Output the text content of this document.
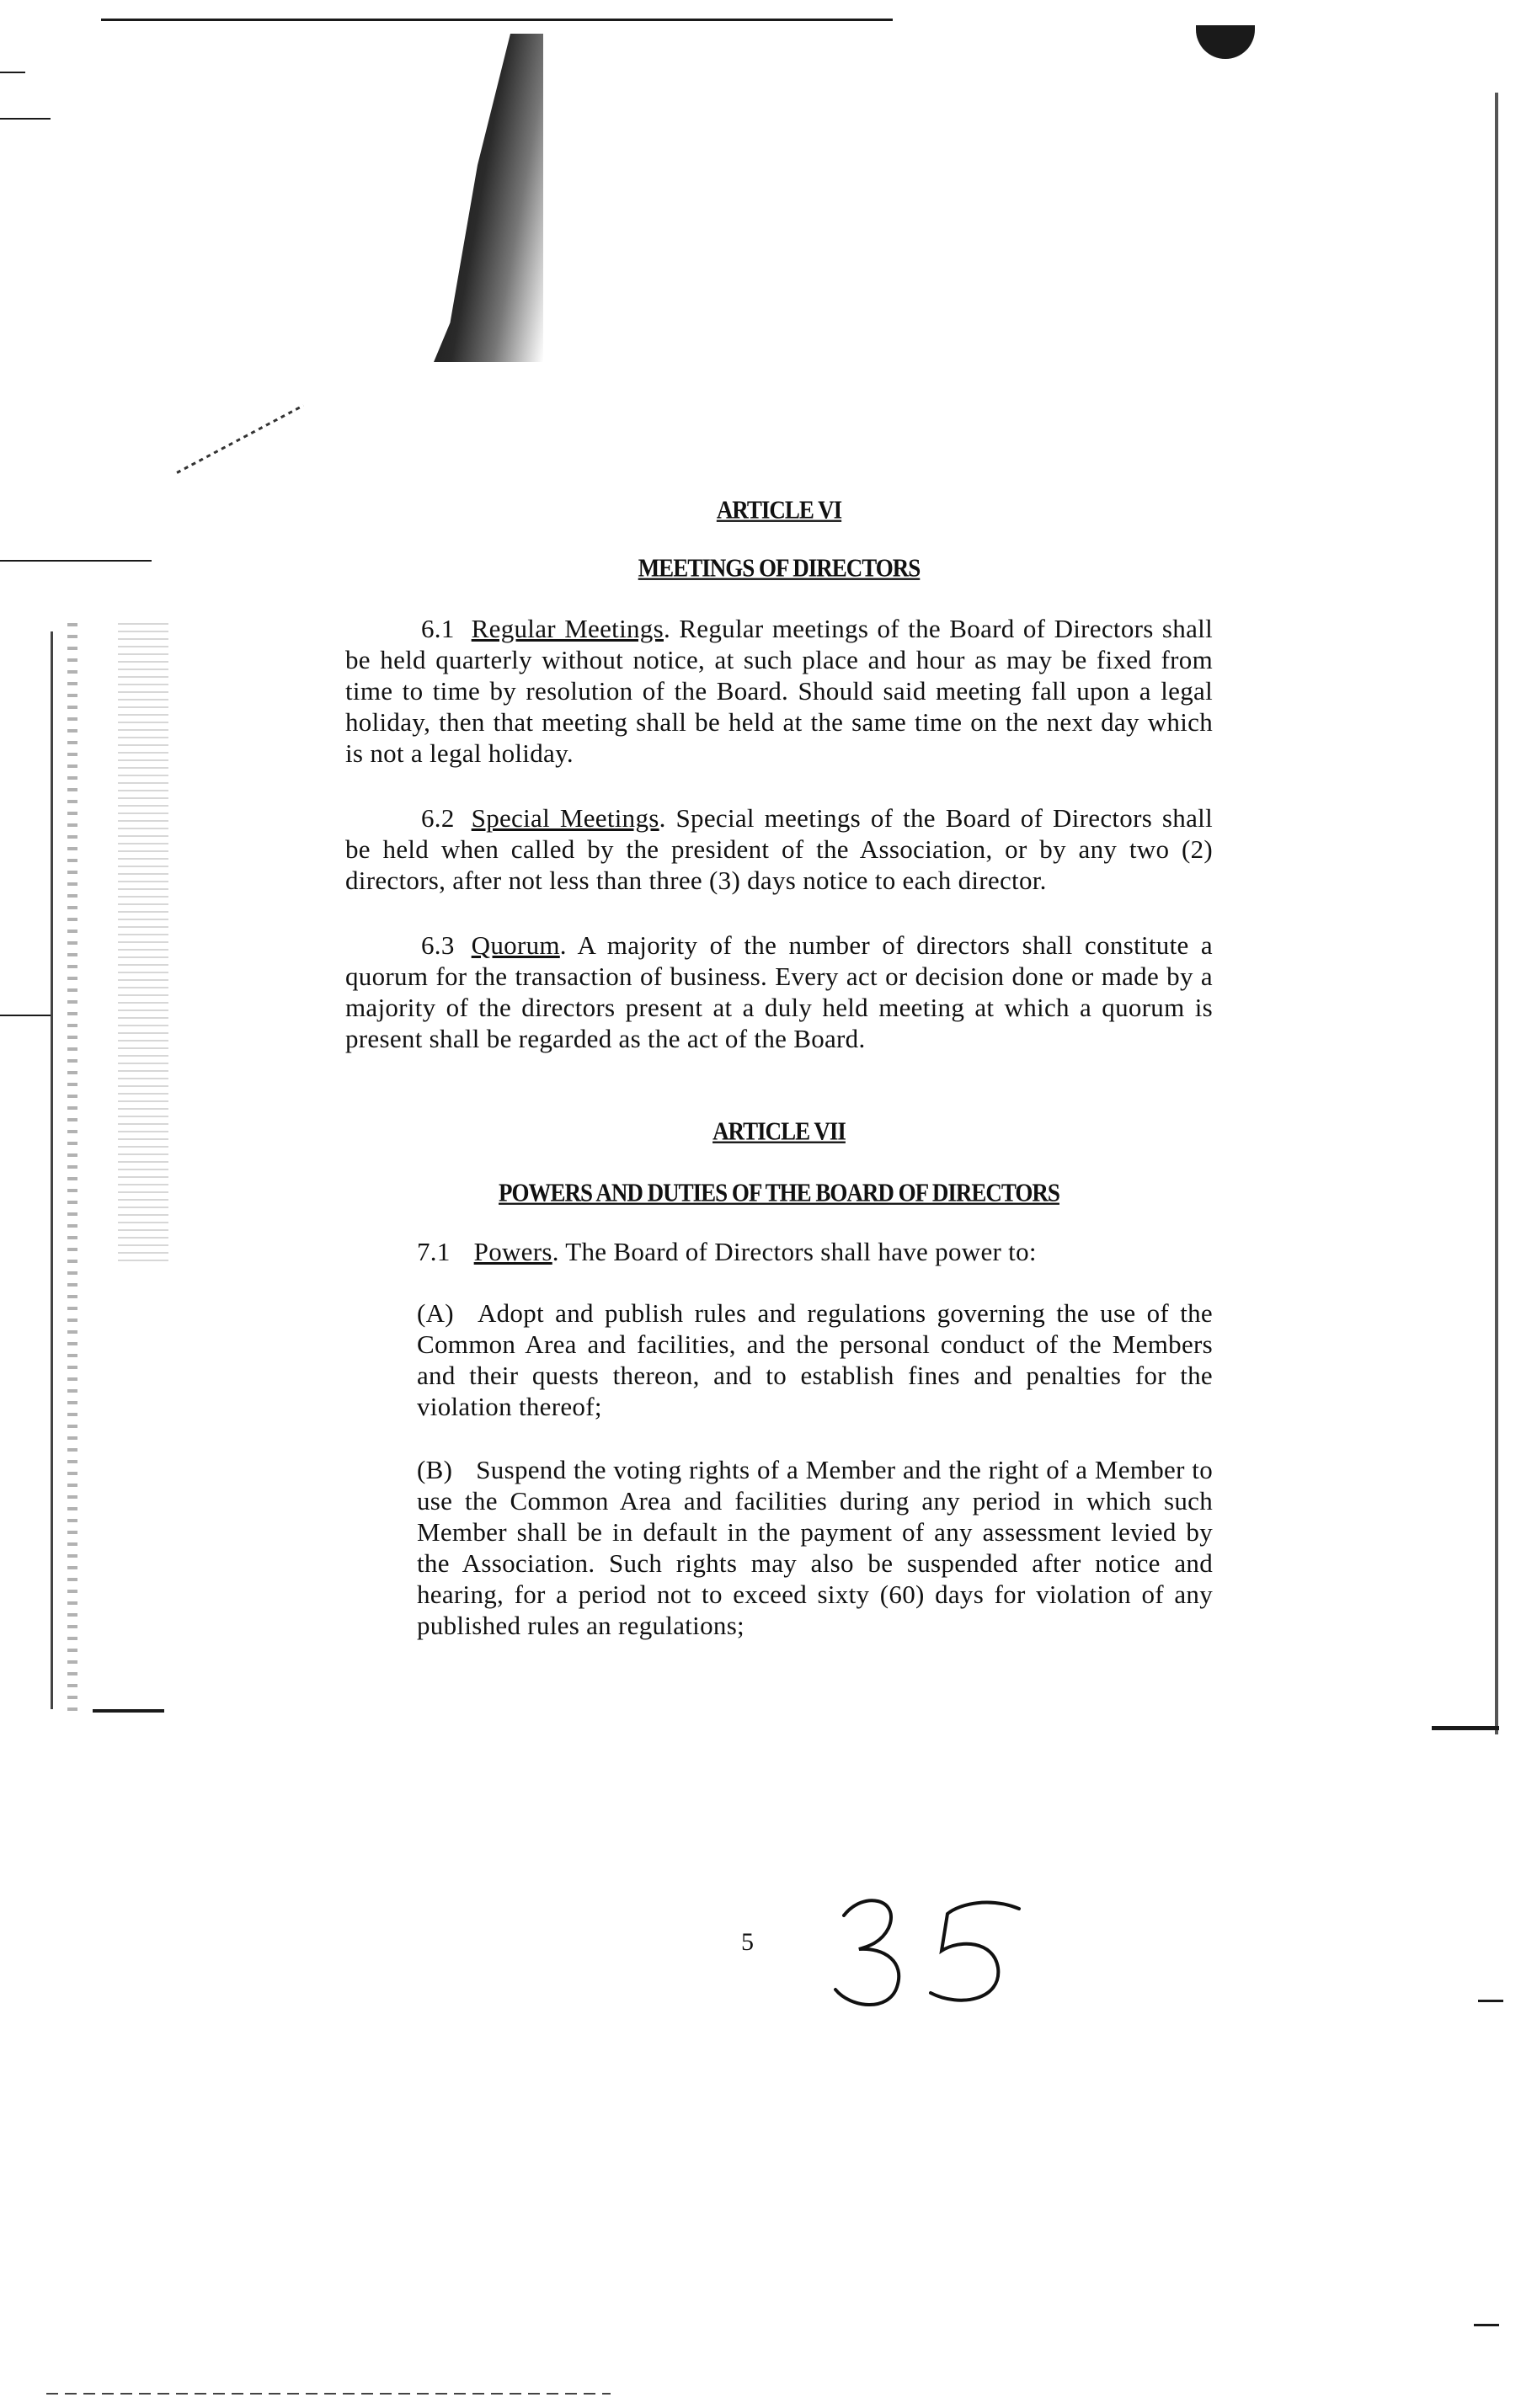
ARTICLE VI

MEETINGS OF DIRECTORS

6.1 Regular Meetings. Regular meetings of the Board of Directors shall be held quarterly without notice, at such place and hour as may be fixed from time to time by resolution of the Board. Should said meeting fall upon a legal holiday, then that meeting shall be held at the same time on the next day which is not a legal holiday.

6.2 Special Meetings. Special meetings of the Board of Directors shall be held when called by the president of the Association, or by any two (2) directors, after not less than three (3) days notice to each director.

6.3 Quorum. A majority of the number of directors shall constitute a quorum for the transaction of business. Every act or decision done or made by a majority of the directors present at a duly held meeting at which a quorum is present shall be regarded as the act of the Board.

ARTICLE VII

POWERS AND DUTIES OF THE BOARD OF DIRECTORS

7.1 Powers. The Board of Directors shall have power to:

(A) Adopt and publish rules and regulations governing the use of the Common Area and facilities, and the personal conduct of the Members and their quests thereon, and to establish fines and penalties for the violation thereof;

(B) Suspend the voting rights of a Member and the right of a Member to use the Common Area and facilities during any period in which such Member shall be in default in the payment of any assessment levied by the Association. Such rights may also be suspended after notice and hearing, for a period not to exceed sixty (60) days for violation of any published rules an regulations;

5
